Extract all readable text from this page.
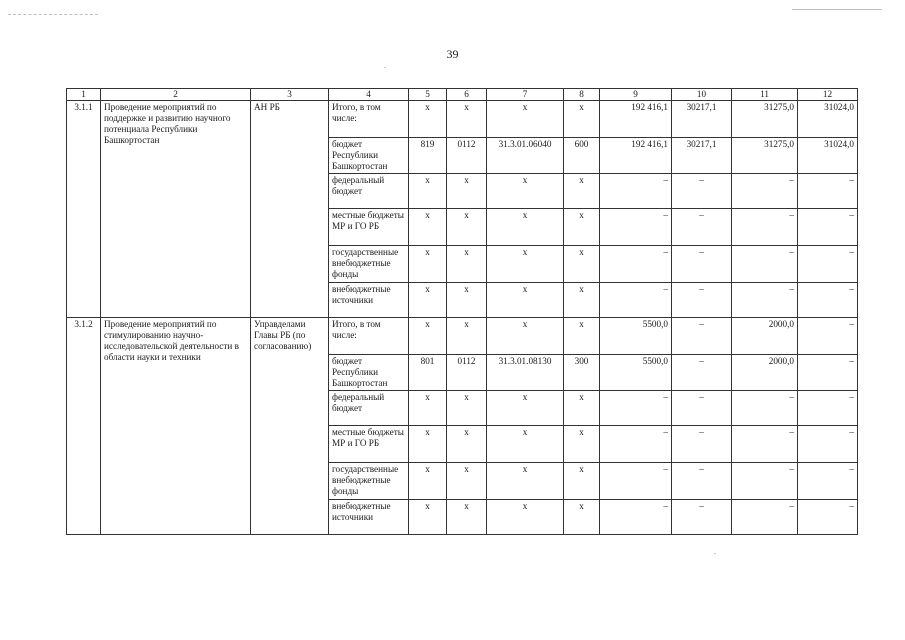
39
1	2	3	4	5	6	7	8	9	10	11	12
3.1.1	Проведение мероприятий по поддержке и развитию научного потенциала Республики Башкортостан	АН РБ	Итого, в том числе:	x	x	x	x	192 416,1	30217,1	31275,0	31024,0
			бюджет Республики Башкортостан	819	0112	31.3.01.06040	600	192 416,1	30217,1	31275,0	31024,0
			федеральный бюджет	x	x	x	x	–	–	–	–
			местные бюджеты МР и ГО РБ	x	x	x	x	–	–	–	–
			государственные внебюджетные фонды	x	x	x	x	–	–	–	–
			внебюджетные источники	x	x	x	x	–	–	–	–
3.1.2	Проведение мероприятий по стимулированию научно-исследовательской деятельности в области науки и техники	Управделами Главы РБ (по согласованию)	Итого, в том числе:	x	x	x	x	5500,0	–	2000,0	–
			бюджет Республики Башкортостан	801	0112	31.3.01.08130	300	5500,0	–	2000,0	–
			федеральный бюджет	x	x	x	x	–	–	–	–
			местные бюджеты МР и ГО РБ	x	x	x	x	–	–	–	–
			государственные внебюджетные фонды	x	x	x	x	–	–	–	–
			внебюджетные источники	x	x	x	x	–	–	–	–
